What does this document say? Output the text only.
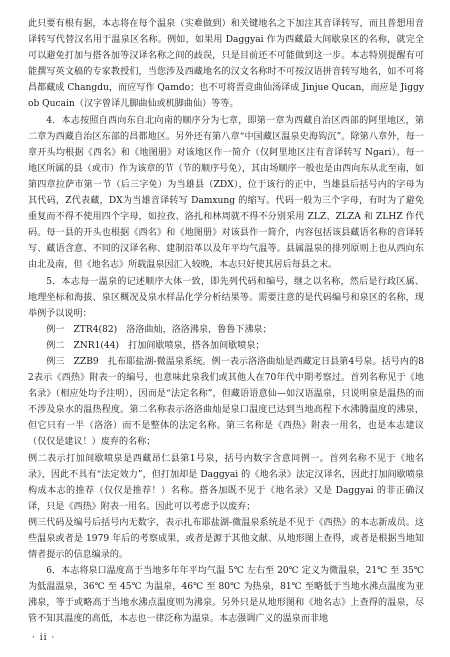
此只要有根有据，本志将在每个温泉（实难做到）和关键地名之下加注其音译转写，而且普想用音译转写代替汉名用于温泉区名称。例如，如果用 Daggyai 作为西藏最大间歇泉区的名称，就完全可以避免打加与搭各加等汉译名称之间的歧误，只是目前还不可能做到这一步。本志特别提醒有可能撰写英文稿的专家教授们，当您涉及西藏地名的汉文名称时不可按汉语拼音转写地名，如不可将昌都藏成 Changdu，而应写作 Qamdo；也不可将晋竞曲仙汤译成 Jinjue Qucan，而应是 Jiggyob Qucain（汉字曾译儿脚曲仙或机脚曲仙）等等。

4．本志按照自西向东自北向南的顺序分为七章，即第一章为西藏自治区西部的阿里地区，第二章为西藏自治区东部的昌都地区。另外还有第八章“中国藏区温泉史海钩沉”。除第八章外，每一章开头均根据《西名》和《地图册》对该地区作一简介（仅阿里地区注有音译转写 Ngari）。每一地区所属的县（或市）作为该章的节（节的顺序号免），其由场顺序一般也是由西向东从北至南，如第四章拉萨市第一节（后三字免）为当雄县（ZDX），位于该行的正中，当雄县后括号内的字母为其代码，Z代表藏，DX为当雄音译转写 Damxung 的缩写。代码一般为三个字母，有时为了避免重复而不得不使用四个字母，如拉孜、洛扎和林周就不得不分别采用 ZLZ、ZLZA 和 ZLHZ 作代码。每一县的开头也根据《西名》和《地图册》对该县作一简介，内容包括该县藏语名称的音译转写、藏语含意、不同的汉译名称、建制沿革以及年平均气温等。县属温泉的排列原则上也从西向东由北及南，但《地名志》所载温泉因汇入较晚，本志只好使其居后每县之末。

5．本志每一温泉的记述顺序大体一致，即先列代码和编号，继之以名称，然后是行政区属、地理坐标和海拔、泉区概况及泉水样品化学分析结果等。需要注意的是代码编号和泉区的名称，现举例予以说明：

例一　ZTR4(82)　洛洛曲灿，洛洛沸泉，鲁鲁下沸泉；

例二　ZNR1(44)　打加间歇喷泉，搭各加间歇喷泉；

例三　ZZB9　扎布耶盐湖-微温泉系统。例一表示洛洛曲灿是西藏定日县第4号泉。括号内的82表示《西热》附表一的编号，也意味此泉我们或其他人在70年代中期考察过。首列名称见于《地名录》（相应处均予注明），因而是“法定名称”，但藏语语意仙—如汉语温泉，只说明泉是温热的而不涉及泉水的温热程度。第二名称表示洛洛曲灿是泉口温度已达到当地高程下水沸腾温度的沸泉，但它只有一半（洛洛）而不是整体的法定名称。第三名称是《西热》附表一用名，也是本志建议（仅仅是建议！）废弃的名称；

例二表示打加间歇喷泉是西藏昂仁县第1号泉，括号内数字含意同例一。首列名称不见于《地名录》，因此不具有“法定效力”，但打加却是 Daggyai 的《地名录》法定汉译名，因此打加间歇喷泉构成本志的推荐（仅仅是推荐！）名称。搭各加既不见于《地名录》又是 Daggyai 的非正确汉译，只是《西热》附表一用名。因此可以考虑予以废弃；

例三代码及编号后括号内无数字，表示扎布耶盐湖-微温泉系统是不见于《西热》的本志新成员。这些温泉或者是 1979 年后的考察成果，或者是源于其他文献、从地形图上查得，或者是根据当地知情者提示的信息编录的。

6．本志将泉口温度高于当地多年年平均气温 5℃ 左右至 20℃ 定义为微温泉，21℃ 至 35℃ 为低温温泉，36℃ 至 45℃ 为温泉，46℃ 至 80℃ 为热泉，81℃ 至略低于当地水沸点温度为亚沸泉，等于或略高于当地水沸点温度则为沸泉。另外只是从地形图和《地名志》上查得的温泉，尽管不知其温度的高低，本志也一律泛称为温泉。本志强调广义的温泉而非地

· ii ·
